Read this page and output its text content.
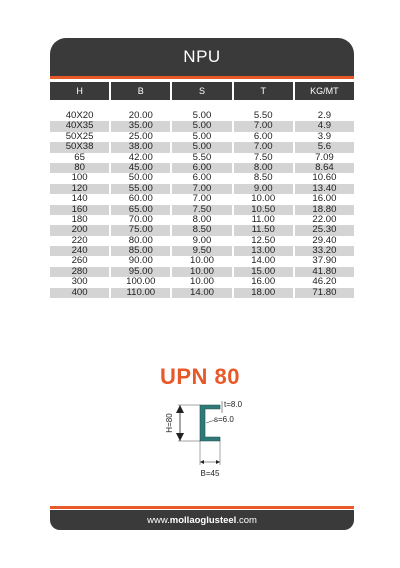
NPU
H	B	S	T	KG/MT
40X20	20.00	5.00	5.50	2.9
40X35	35.00	5.00	7.00	4.9
50X25	25.00	5.00	6.00	3.9
50X38	38.00	5.00	7.00	5.6
65	42.00	5.50	7.50	7.09
80	45.00	6.00	8.00	8.64
100	50.00	6.00	8.50	10.60
120	55.00	7.00	9.00	13.40
140	60.00	7.00	10.00	16.00
160	65.00	7.50	10.50	18.80
180	70.00	8.00	11.00	22.00
200	75.00	8.50	11.50	25.30
220	80.00	9.00	12.50	29.40
240	85.00	9.50	13.00	33.20
260	90.00	10.00	14.00	37.90
280	95.00	10.00	15.00	41.80
300	100.00	10.00	16.00	46.20
400	110.00	14.00	18.00	71.80
UPN 80
H=80
t=8.0
s=6.0
B=45
www.mollaoglusteel.com
